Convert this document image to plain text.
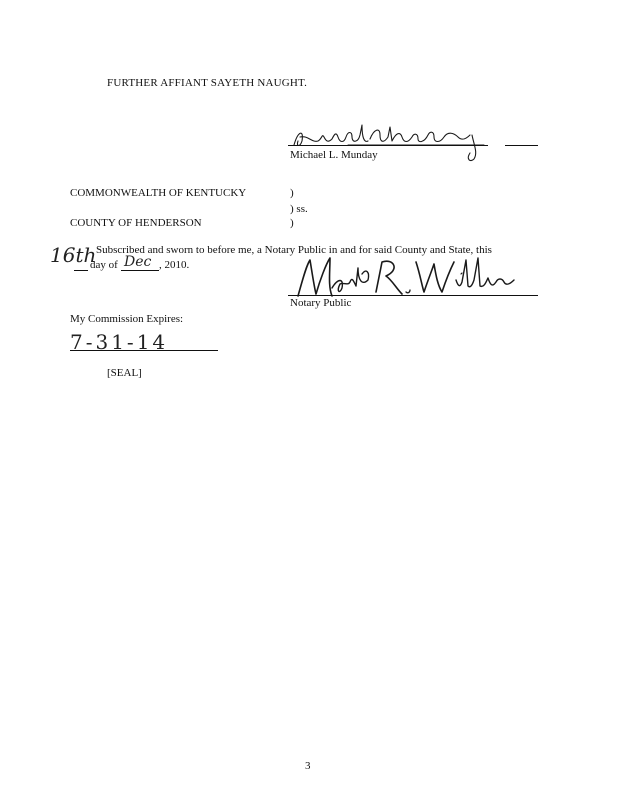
FURTHER AFFIANT SAYETH NAUGHT.
Michael L. Munday
COMMONWEALTH OF KENTUCKY	)
) ss.
COUNTY OF HENDERSON	)
16th Subscribed and sworn to before me, a Notary Public in and for said County and State, this
day of Dec , 2010.
Notary Public
My Commission Expires:
7-31-14
[SEAL]
3
